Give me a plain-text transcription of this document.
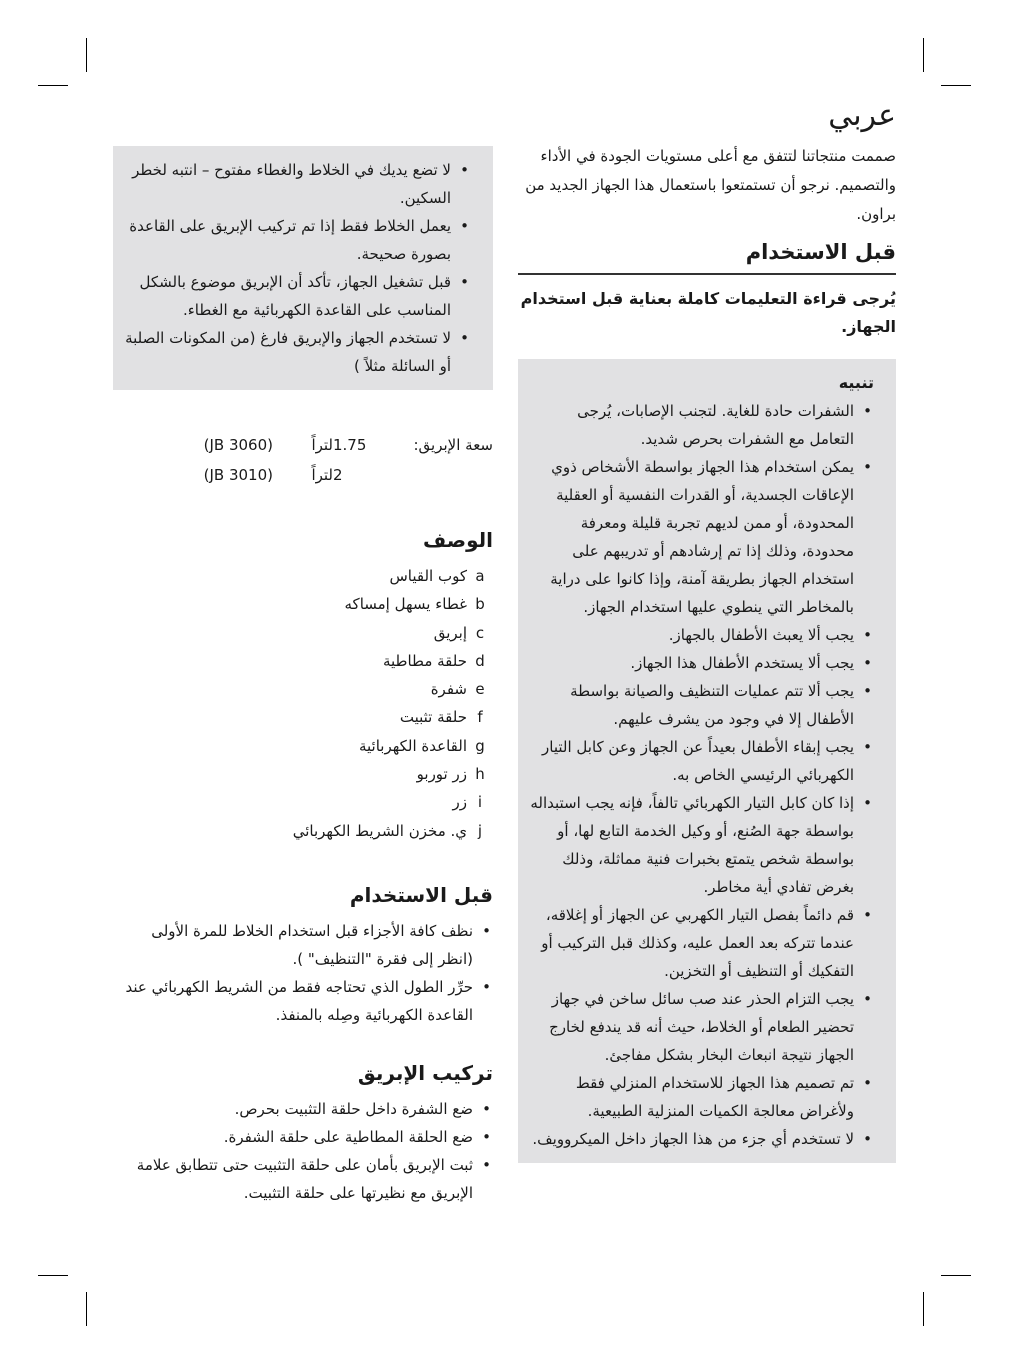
عربي

صممت منتجاتنا لتتفق مع أعلى مستويات الجودة في الأداء والتصميم. نرجو أن تستمتعوا باستعمال هذا الجهاز الجديد من براون.

قبل الاستخدام

يُرجى قراءة التعليمات كاملة بعناية قبل استخدام الجهاز.

تنبيه
• الشفرات حادة للغاية. لتجنب الإصابات، يُرجى التعامل مع الشفرات بحرص شديد.
• يمكن استخدام هذا الجهاز بواسطة الأشخاص ذوي الإعاقات الجسدية، أو القدرات النفسية أو العقلية المحدودة، أو ممن لديهم تجربة قليلة ومعرفة محدودة، وذلك إذا تم إرشادهم أو تدريبهم على استخدام الجهاز بطريقة آمنة، وإذا كانوا على دراية بالمخاطر التي ينطوي عليها استخدام الجهاز.
• يجب ألا يعبث الأطفال بالجهاز.
• يجب ألا يستخدم الأطفال هذا الجهاز.
• يجب ألا تتم عمليات التنظيف والصيانة بواسطة الأطفال إلا في وجود من يشرف عليهم.
• يجب إبقاء الأطفال بعيداً عن الجهاز وعن كابل التيار الكهربائي الرئيسي الخاص به.
• إذا كان كابل التيار الكهربائي تالفاً، فإنه يجب استبداله بواسطة جهة الصُنع، أو وكيل الخدمة التابع لها، أو بواسطة شخص يتمتع بخبرات فنية مماثلة، وذلك بغرض تفادي أية مخاطر.
• قم دائماً بفصل التيار الكهربي عن الجهاز أو إغلاقه، عندما تتركه بعد العمل عليه، وكذلك قبل التركيب أو التفكيك أو التنظيف أو التخزين.
• يجب التزام الحذر عند صب سائل ساخن في جهاز تحضير الطعام أو الخلاط، حيث أنه قد يندفع لخارج الجهاز نتيجة انبعاث البخار بشكل مفاجئ.
• تم تصميم هذا الجهاز للاستخدام المنزلي فقط ولأغراض معالجة الكميات المنزلية الطبيعية.
• لا تستخدم أي جزء من هذا الجهاز داخل الميكروويف.
• لا تضع يديك في الخلاط والغطاء مفتوح – انتبه لخطر السكين.
• يعمل الخلاط فقط إذا تم تركيب الإبريق على القاعدة بصورة صحيحة.
• قبل تشغيل الجهاز، تأكد أن الإبريق موضوع بالشكل المناسب على القاعدة الكهربائية مع الغطاء.
• لا تستخدم الجهاز والإبريق فارغ (من المكونات الصلبة أو السائلة مثلاً )
سعة الإبريق:
1.75
لتراً
(JB 3060)
2
لتراً
(JB 3010)
الوصف
a
كوب القياس
b
غطاء يسهل إمساكه
c
إبريق
d
حلقة مطاطية
e
شفرة
f
حلقة تثبيت
g
القاعدة الكهربائية
h
زر توربو
i
زر
j
ي. مخزن الشريط الكهربائي
قبل الاستخدام
• نظف كافة الأجزاء قبل استخدام الخلاط للمرة الأولى (انظر إلى فقرة "التنظيف" ).
• حرِّر الطول الذي تحتاجه فقط من الشريط الكهربائي عند القاعدة الكهربائية وصِله بالمنفذ.
تركيب الإبريق
• ضع الشفرة داخل حلقة التثبيت بحرص.
• ضع الحلقة المطاطية على حلقة الشفرة.
• ثبت الإبريق بأمان على حلقة التثبيت حتى تتطابق علامة الإبريق مع نظيرتها على حلقة التثبيت.
